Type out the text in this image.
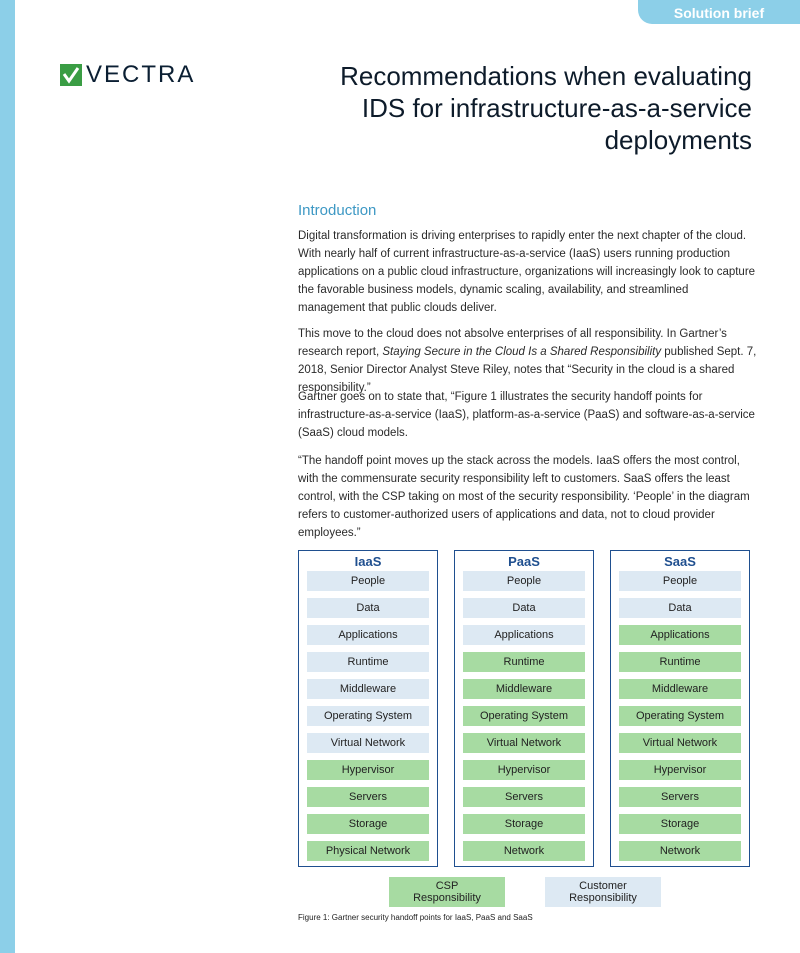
Solution brief
VECTRA	Recommendations when evaluating
IDS for infrastructure-as-a-service
deployments
Introduction

Digital transformation is driving enterprises to rapidly enter the next chapter of the cloud. With nearly half of current infrastructure-as-a-service (IaaS) users running production applications on a public cloud infrastructure, organizations will increasingly look to capture the favorable business models, dynamic scaling, availability, and streamlined management that public clouds deliver.

This move to the cloud does not absolve enterprises of all responsibility. In Gartner’s research report, Staying Secure in the Cloud Is a Shared Responsibility published Sept. 7, 2018, Senior Director Analyst Steve Riley, notes that “Security in the cloud is a shared responsibility.”

Gartner goes on to state that, “Figure 1 illustrates the security handoff points for infrastructure-as-a-service (IaaS), platform-as-a-service (PaaS) and software-as-a-service (SaaS) cloud models.

“The handoff point moves up the stack across the models. IaaS offers the most control, with the commensurate security responsibility left to customers. SaaS offers the least control, with the CSP taking on most of the security responsibility. ‘People’ in the diagram refers to customer-authorized users of applications and data, not to cloud provider employees.”

IaaS
People
Data
Applications
Runtime
Middleware
Operating System
Virtual Network
Hypervisor
Servers
Storage
Physical Network
PaaS
People
Data
Applications
Runtime
Middleware
Operating System
Virtual Network
Hypervisor
Servers
Storage
Network
SaaS
People
Data
Applications
Runtime
Middleware
Operating System
Virtual Network
Hypervisor
Servers
Storage
Network
CSP
Responsibility
Customer
Responsibility

Figure 1: Gartner security handoff points for IaaS, PaaS and SaaS
